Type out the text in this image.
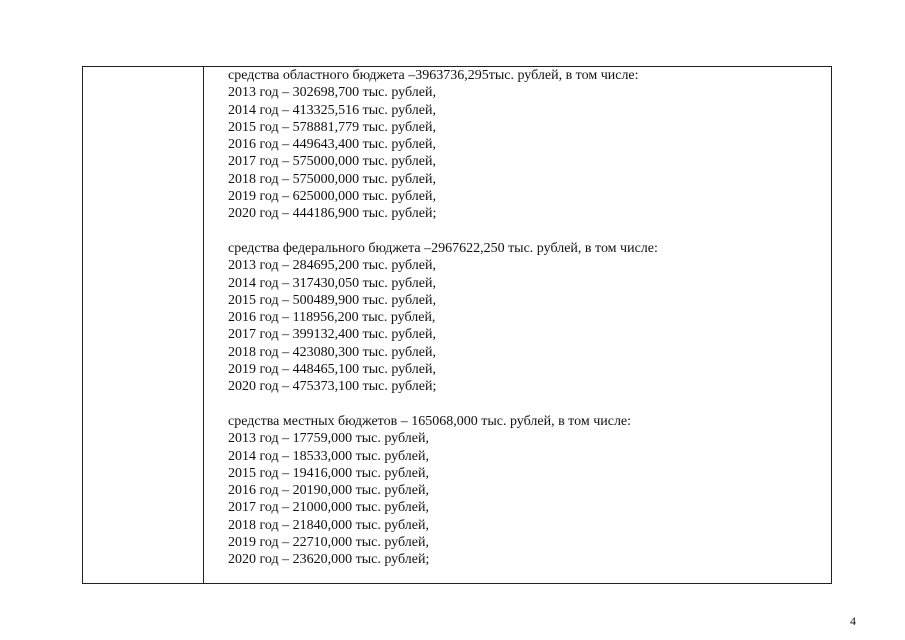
средства областного бюджета –3963736,295тыс. рублей, в том числе:
2013 год – 302698,700 тыс. рублей,
2014 год – 413325,516 тыс. рублей,
2015 год – 578881,779 тыс. рублей,
2016 год – 449643,400 тыс. рублей,
2017 год – 575000,000 тыс. рублей,
2018 год – 575000,000 тыс. рублей,
2019 год – 625000,000 тыс. рублей,
2020 год – 444186,900 тыс. рублей;
средства федерального бюджета –2967622,250 тыс. рублей, в том числе:
2013 год – 284695,200 тыс. рублей,
2014 год – 317430,050 тыс. рублей,
2015 год – 500489,900 тыс. рублей,
2016 год – 118956,200 тыс. рублей,
2017 год – 399132,400 тыс. рублей,
2018 год – 423080,300 тыс. рублей,
2019 год – 448465,100 тыс. рублей,
2020 год – 475373,100 тыс. рублей;
средства местных бюджетов – 165068,000 тыс. рублей, в том числе:
2013 год – 17759,000 тыс. рублей,
2014 год – 18533,000 тыс. рублей,
2015 год – 19416,000 тыс. рублей,
2016 год – 20190,000 тыс. рублей,
2017 год – 21000,000 тыс. рублей,
2018 год – 21840,000 тыс. рублей,
2019 год – 22710,000 тыс. рублей,
2020 год – 23620,000 тыс. рублей;
4
